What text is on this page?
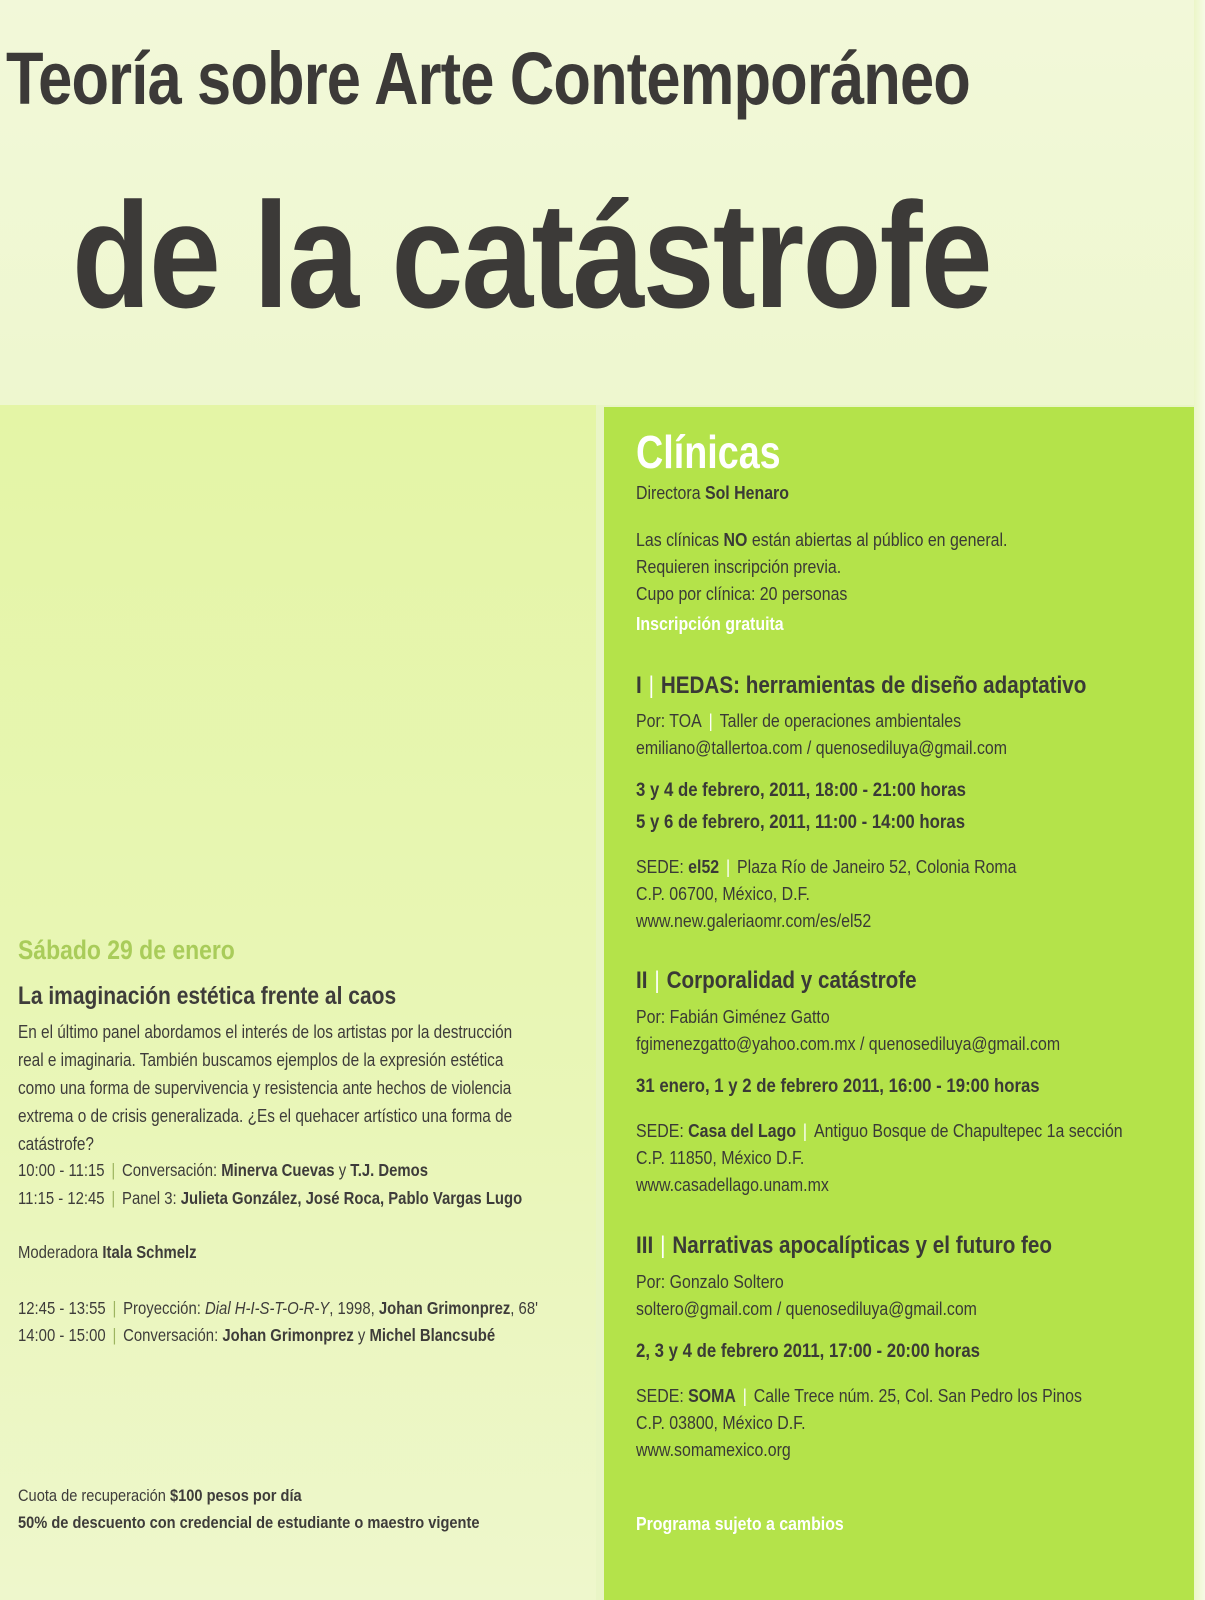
Teoría sobre Arte Contemporáneo
de la catástrofe
Sábado 29 de enero
La imaginación estética frente al caos
En el último panel abordamos el interés de los artistas por la destrucción real e imaginaria. También buscamos ejemplos de la expresión estética como una forma de supervivencia y resistencia ante hechos de violencia extrema o de crisis generalizada. ¿Es el quehacer artístico una forma de catástrofe?
10:00 - 11:15 | Conversación: Minerva Cuevas y T.J. Demos
11:15 - 12:45 | Panel 3: Julieta González, José Roca, Pablo Vargas Lugo
Moderadora Itala Schmelz
12:45 - 13:55 | Proyección: Dial H-I-S-T-O-R-Y, 1998, Johan Grimonprez, 68'
14:00 - 15:00 | Conversación: Johan Grimonprez y Michel Blancsubé
Cuota de recuperación $100 pesos por día
50% de descuento con credencial de estudiante o maestro vigente
Clínicas
Directora Sol Henaro
Las clínicas NO están abiertas al público en general.
Requieren inscripción previa.
Cupo por clínica: 20 personas
Inscripción gratuita
I | HEDAS: herramientas de diseño adaptativo
Por: TOA | Taller de operaciones ambientales
emiliano@tallertoa.com / quenosediluya@gmail.com
3 y 4 de febrero, 2011, 18:00 - 21:00 horas
5 y 6 de febrero, 2011, 11:00 - 14:00 horas
SEDE: el52 | Plaza Río de Janeiro 52, Colonia Roma
C.P. 06700, México, D.F.
www.new.galeriaomr.com/es/el52
II | Corporalidad y catástrofe
Por: Fabián Giménez Gatto
fgimenezgatto@yahoo.com.mx / quenosediluya@gmail.com
31 enero, 1 y 2 de febrero 2011, 16:00 - 19:00 horas
SEDE: Casa del Lago | Antiguo Bosque de Chapultepec 1a sección
C.P. 11850, México D.F.
www.casadellago.unam.mx
III | Narrativas apocalípticas y el futuro feo
Por: Gonzalo Soltero
soltero@gmail.com / quenosediluya@gmail.com
2, 3 y 4 de febrero 2011, 17:00 - 20:00 horas
SEDE: SOMA | Calle Trece núm. 25, Col. San Pedro los Pinos
C.P. 03800, México D.F.
www.somamexico.org
Programa sujeto a cambios
